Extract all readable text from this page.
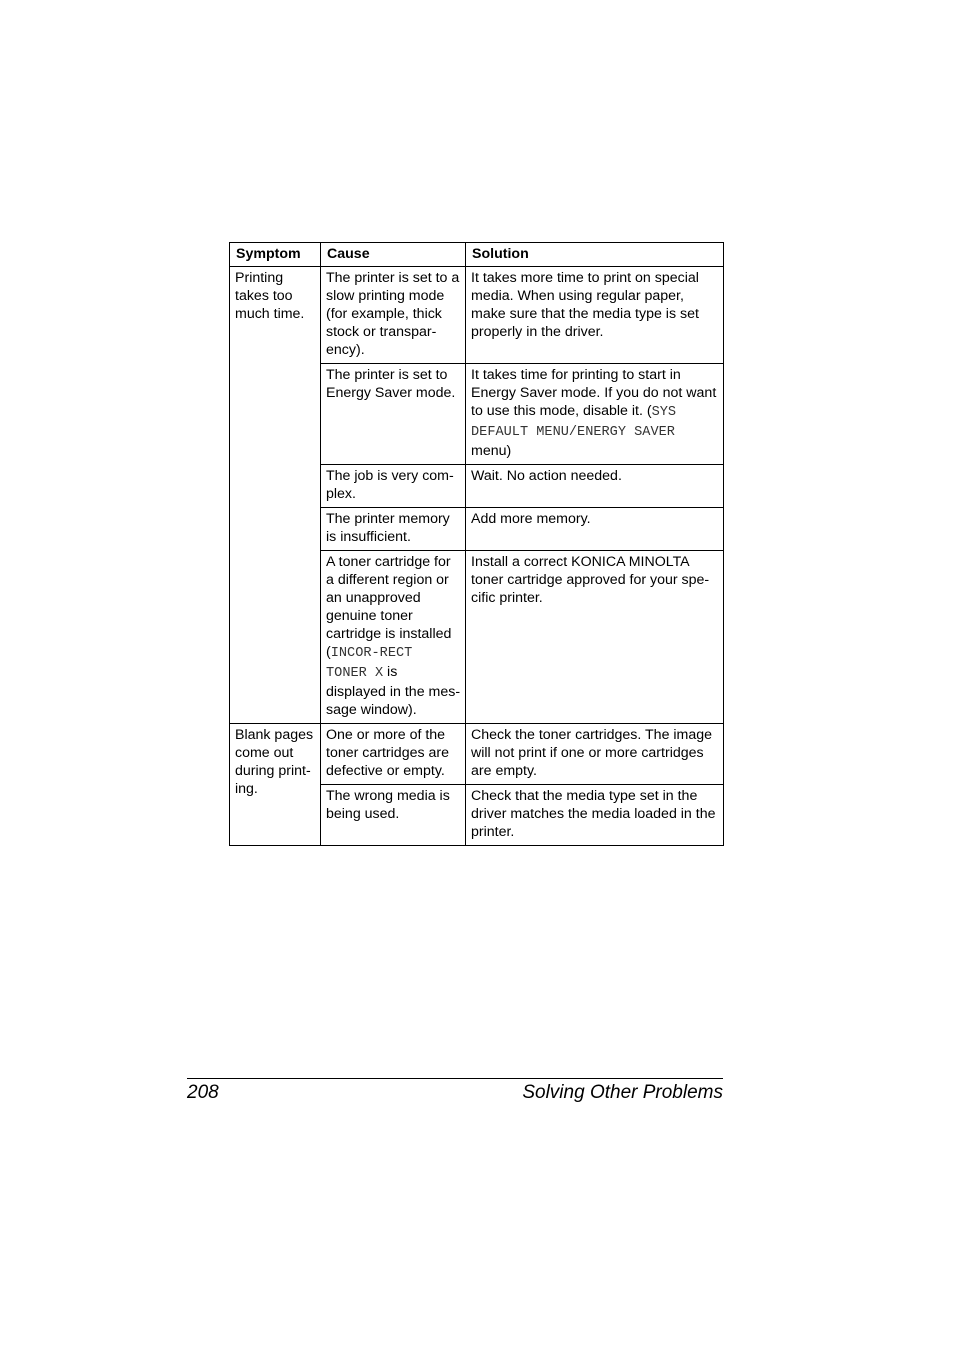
Symptom	Cause	Solution
Printing takes too much time.	The printer is set to a slow printing mode (for example, thick stock or transpar-ency).	It takes more time to print on special media. When using regular paper, make sure that the media type is set properly in the driver.
	The printer is set to Energy Saver mode.	It takes time for printing to start in Energy Saver mode. If you do not want to use this mode, disable it. (SYS DEFAULT MENU/ENERGY SAVER menu)
	The job is very com-plex.	Wait. No action needed.
	The printer memory is insufficient.	Add more memory.
	A toner cartridge for a different region or an unapproved genuine toner cartridge is installed (INCOR-RECT TONER X is displayed in the mes-sage window).	Install a correct KONICA MINOLTA toner cartridge approved for your spe-cific printer.
Blank pages come out during print-ing.	One or more of the toner cartridges are defective or empty.	Check the toner cartridges. The image will not print if one or more cartridges are empty.
	The wrong media is being used.	Check that the media type set in the driver matches the media loaded in the printer.
208	Solving Other Problems
